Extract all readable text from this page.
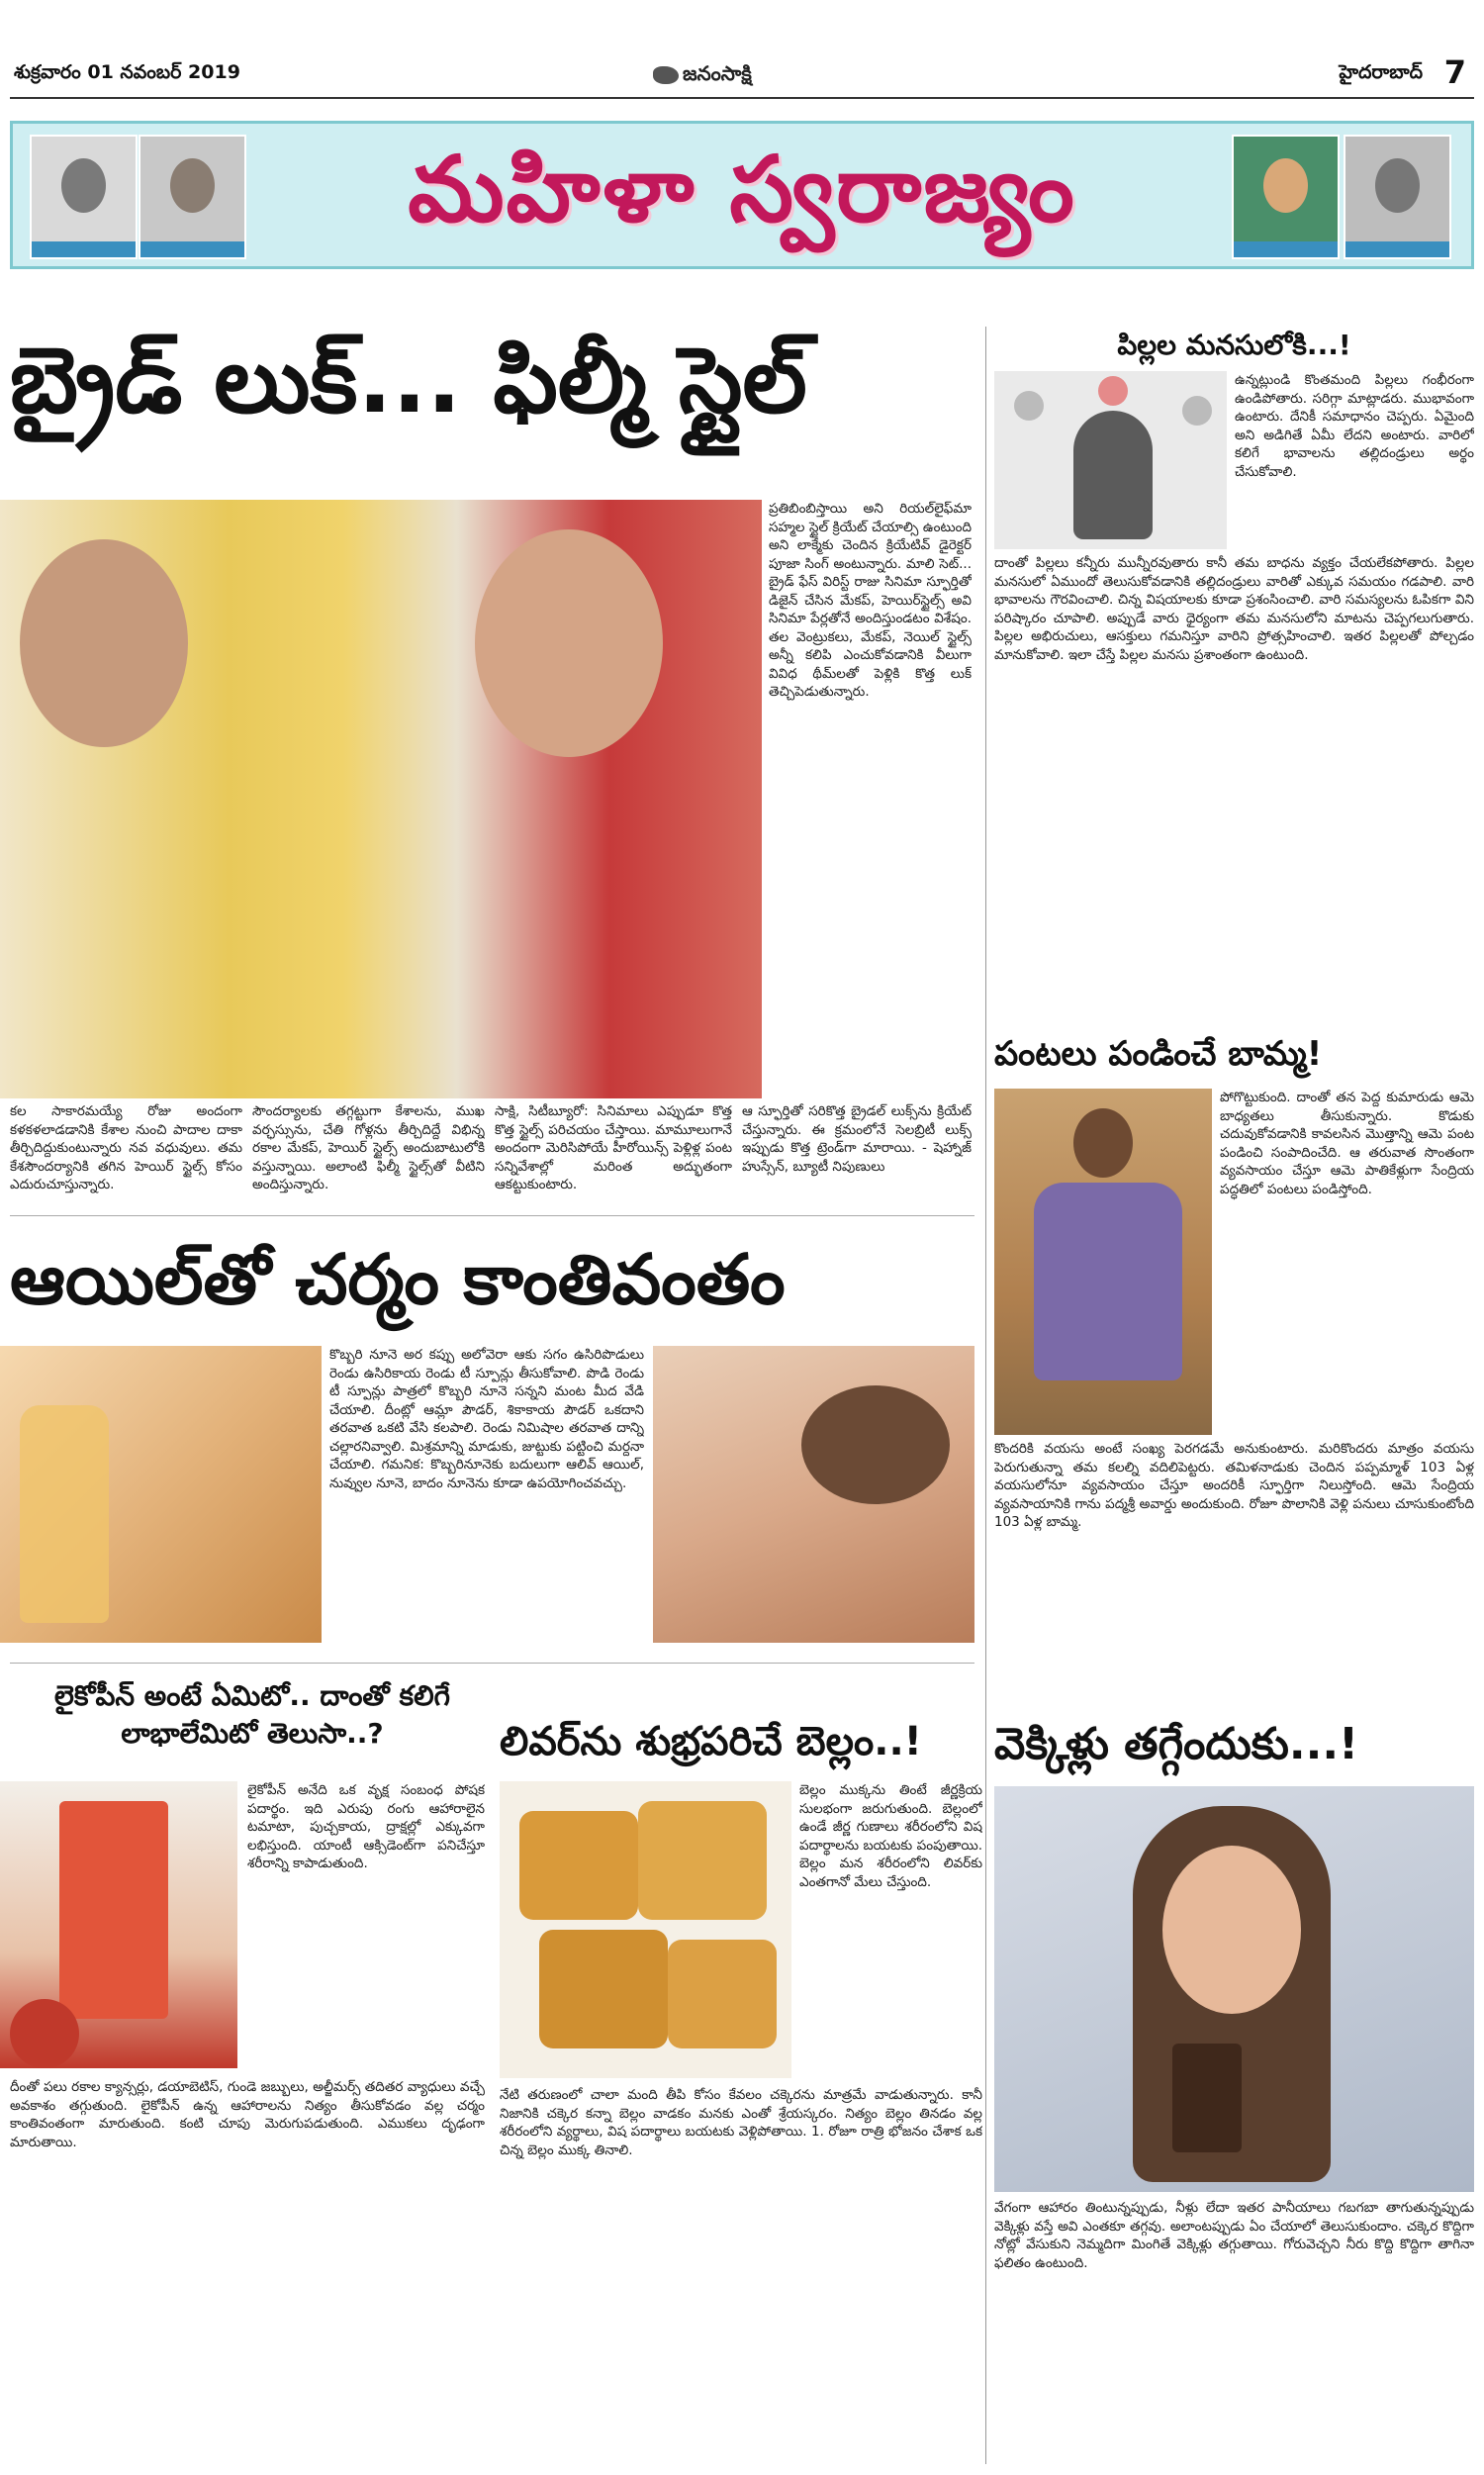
శుక్రవారం 01 నవంబర్ 2019	జనంసాక్షి	హైదరాబాద్ 7
మహిళా స్వరాజ్యం
బ్రైడ్ లుక్... ఫిల్మీ స్టైల్
ప్రతిబింబిస్తాయి అని రియల్‌లైఫ్‌మా సహ్మల స్టైల్ క్రియేట్ చేయాల్సి ఉంటుంది అని లాక్మేకు చెందిన క్రియేటివ్ డైరెక్టర్ పూజా సింగ్ అంటున్నారు. మాలి సెట్... బ్రైడ్ ఫేస్ విరిస్ట్ రాజు సినిమా స్ఫూర్తితో డిజైన్ చేసిన మేకప్, హెయిర్‌స్టైల్స్ అవి సినిమా పేర్లతోనే అందిస్తుండటం విశేషం. తల వెంట్రుకలు, మేకప్, నెయిల్ స్టైల్స్ అన్నీ కలిపి ఎంచుకోవడానికి వీలుగా వివిధ థీమ్‌లతో పెళ్లికి కొత్త లుక్ తెచ్చిపెడుతున్నారు.
కల సాకారమయ్యే రోజు అందంగా కళకళలాడడానికి కేశాల నుంచి పాదాల దాకా తీర్చిదిద్దుకుంటున్నారు నవ వధువులు. తమ కేశసౌందర్యానికి తగిన హెయిర్ స్టైల్స్ కోసం ఎదురుచూస్తున్నారు.
సౌందర్యాలకు తగ్గట్టుగా కేశాలను, ముఖ వర్ఛస్సును, చేతి గోళ్లను తీర్చిదిద్దే విభిన్న రకాల మేకప్, హెయిర్ స్టైల్స్ అందుబాటులోకి వస్తున్నాయి. అలాంటి ఫిల్మీ స్టైల్స్‌తో వీటిని అందిస్తున్నారు.
సాక్షి, సిటీబ్యూరో: సినిమాలు ఎప్పుడూ కొత్త కొత్త స్టైల్స్ పరిచయం చేస్తాయి. మామూలుగానే అందంగా మెరిసిపోయే హీరోయిన్స్ పెళ్లిళ్ల పంట సన్నివేశాల్లో మరింత అద్భుతంగా ఆకట్టుకుంటారు.
ఆ స్ఫూర్తితో సరికొత్త బ్రైడల్ లుక్స్‌ను క్రియేట్ చేస్తున్నారు. ఈ క్రమంలోనే సెలబ్రిటీ లుక్స్ ఇప్పుడు కొత్త ట్రెండ్‌గా మారాయి. - షెహ్నాజ్ హుస్సేన్, బ్యూటీ నిపుణులు
ఆయిల్‌తో చర్మం కాంతివంతం
కొబ్బరి నూనె అర కప్పు అలోవెరా ఆకు సగం ఉసిరిపొడులు రెండు ఉసిరికాయ రెండు టీ స్పూన్లు తీసుకోవాలి. పొడి రెండు టీ స్పూన్లు పాత్రలో కొబ్బరి నూనె సన్నని మంట మీద వేడి చేయాలి. దీంట్లో ఆమ్లా పౌడర్, శికాకాయ పౌడర్ ఒకదాని తరవాత ఒకటి వేసి కలపాలి. రెండు నిమిషాల తరవాత దాన్ని చల్లారనివ్వాలి. మిశ్రమాన్ని మాడుకు, జుట్టుకు పట్టించి మర్దనా చేయాలి. గమనిక: కొబ్బరినూనెకు బదులుగా ఆలివ్ ఆయిల్, నువ్వుల నూనె, బాదం నూనెను కూడా ఉపయోగించవచ్చు.
లైకోపీన్ అంటే ఏమిటో.. దాంతో కలిగే లాభాలేమిటో తెలుసా..?
లైకోపీన్ అనేది ఒక వృక్ష సంబంధ పోషక పదార్థం. ఇది ఎరుపు రంగు ఆహారాలైన టమాటా, పుచ్చకాయ, ద్రాక్షల్లో ఎక్కువగా లభిస్తుంది. యాంటీ ఆక్సిడెంట్‌గా పనిచేస్తూ శరీరాన్ని కాపాడుతుంది.
దీంతో పలు రకాల క్యాన్సర్లు, డయాబెటిస్, గుండె జబ్బులు, అల్జీమర్స్ తదితర వ్యాధులు వచ్చే అవకాశం తగ్గుతుంది. లైకోపీన్ ఉన్న ఆహారాలను నిత్యం తీసుకోవడం వల్ల చర్మం కాంతివంతంగా మారుతుంది. కంటి చూపు మెరుగుపడుతుంది. ఎముకలు దృఢంగా మారుతాయి.
లివర్‌ను శుభ్రపరిచే బెల్లం..!
బెల్లం ముక్కను తింటే జీర్ణక్రియ సులభంగా జరుగుతుంది. బెల్లంలో ఉండే జీర్ణ గుణాలు శరీరంలోని విష పదార్థాలను బయటకు పంపుతాయి. బెల్లం మన శరీరంలోని లివర్‌కు ఎంతగానో మేలు చేస్తుంది.
నేటి తరుణంలో చాలా మంది తీపి కోసం కేవలం చక్కెరను మాత్రమే వాడుతున్నారు. కానీ నిజానికి చక్కెర కన్నా బెల్లం వాడకం మనకు ఎంతో శ్రేయస్కరం. నిత్యం బెల్లం తినడం వల్ల శరీరంలోని వ్యర్థాలు, విష పదార్థాలు బయటకు వెళ్లిపోతాయి. 1. రోజూ రాత్రి భోజనం చేశాక ఒక చిన్న బెల్లం ముక్క తినాలి.
పిల్లల మనసులోకి...!
ఉన్నట్లుండి కొంతమంది పిల్లలు గంభీరంగా ఉండిపోతారు. సరిగ్గా మాట్లాడరు. ముభావంగా ఉంటారు. దేనికీ సమాధానం చెప్పరు. ఏమైంది అని అడిగితే ఏమీ లేదని అంటారు. వారిలో కలిగే భావాలను తల్లిదండ్రులు అర్థం చేసుకోవాలి.
దాంతో పిల్లలు కన్నీరు మున్నీరవుతారు కానీ తమ బాధను వ్యక్తం చేయలేకపోతారు. పిల్లల మనసులో ఏముందో తెలుసుకోవడానికి తల్లిదండ్రులు వారితో ఎక్కువ సమయం గడపాలి. వారి భావాలను గౌరవించాలి. చిన్న విషయాలకు కూడా ప్రశంసించాలి. వారి సమస్యలను ఓపికగా విని పరిష్కారం చూపాలి. అప్పుడే వారు ధైర్యంగా తమ మనసులోని మాటను చెప్పగలుగుతారు. పిల్లల అభిరుచులు, ఆసక్తులు గమనిస్తూ వారిని ప్రోత్సహించాలి. ఇతర పిల్లలతో పోల్చడం మానుకోవాలి. ఇలా చేస్తే పిల్లల మనసు ప్రశాంతంగా ఉంటుంది.
పంటలు పండించే బామ్మ!
పోగొట్టుకుంది. దాంతో తన పెద్ద కుమారుడు ఆమె బాధ్యతలు తీసుకున్నారు. కొడుకు చదువుకోవడానికి కావలసిన మొత్తాన్ని ఆమె పంట పండించి సంపాదించేది. ఆ తరువాత సొంతంగా వ్యవసాయం చేస్తూ ఆమె పాతికేళ్లుగా సేంద్రియ పద్ధతిలో పంటలు పండిస్తోంది.
కొందరికి వయసు అంటే సంఖ్య పెరగడమే అనుకుంటారు. మరికొందరు మాత్రం వయసు పెరుగుతున్నా తమ కలల్ని వదిలిపెట్టరు. తమిళనాడుకు చెందిన పప్పమ్మాళ్ 103 ఏళ్ల వయసులోనూ వ్యవసాయం చేస్తూ అందరికీ స్ఫూర్తిగా నిలుస్తోంది. ఆమె సేంద్రియ వ్యవసాయానికి గాను పద్మశ్రీ అవార్డు అందుకుంది. రోజూ పొలానికి వెళ్లి పనులు చూసుకుంటోంది 103 ఏళ్ల బామ్మ.
వెక్కిళ్లు తగ్గేందుకు...!
వేగంగా ఆహారం తింటున్నప్పుడు, నీళ్లు లేదా ఇతర పానీయాలు గబగబా తాగుతున్నప్పుడు వెక్కిళ్లు వస్తే అవి ఎంతకూ తగ్గవు. అలాంటప్పుడు ఏం చేయాలో తెలుసుకుందాం. చక్కెర కొద్దిగా నోట్లో వేసుకుని నెమ్మదిగా మింగితే వెక్కిళ్లు తగ్గుతాయి. గోరువెచ్చని నీరు కొద్ది కొద్దిగా తాగినా ఫలితం ఉంటుంది.
